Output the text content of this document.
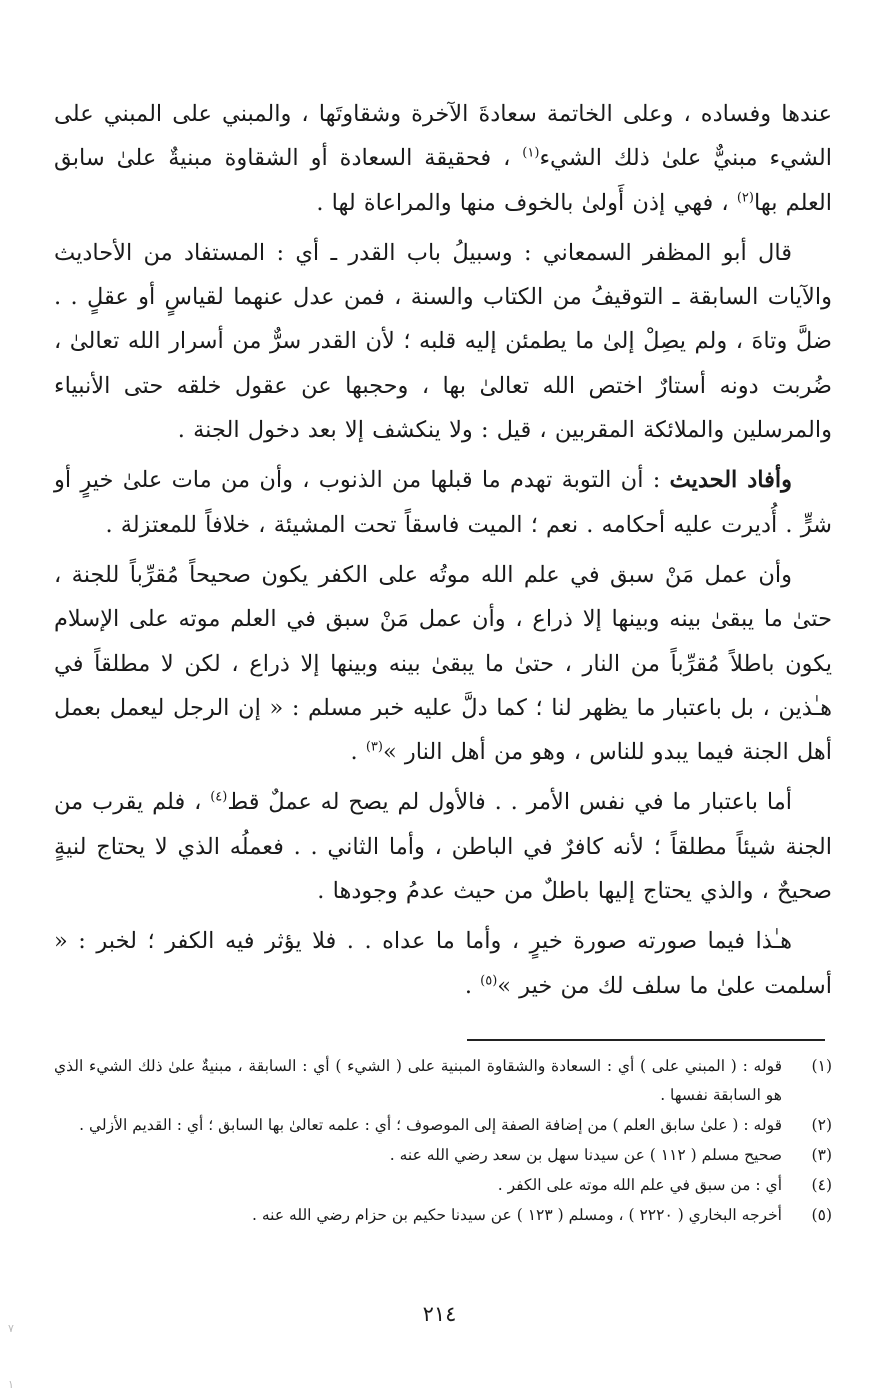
عندها وفساده ، وعلى الخاتمة سعادةَ الآخرة وشقاوتَها ، والمبني على المبني على الشيء مبنيٌّ علىٰ ذلك الشيء$^{(١)}$ ، فحقيقة السعادة أو الشقاوة مبنيةٌ علىٰ سابق العلم بها$^{(٢)}$ ، فهي إذن أَولىٰ بالخوف منها والمراعاة لها .

قال أبو المظفر السمعاني : وسبيلُ باب القدر ـ أي : المستفاد من الأحاديث والآيات السابقة ـ التوقيفُ من الكتاب والسنة ، فمن عدل عنهما لقياسٍ أو عقلٍ . . ضلَّ وتاهَ ، ولم يصِلْ إلىٰ ما يطمئن إليه قلبه ؛ لأن القدر سرٌّ من أسرار الله تعالىٰ ، ضُربت دونه أستارٌ اختص الله تعالىٰ بها ، وحجبها عن عقول خلقه حتى الأنبياء والمرسلين والملائكة المقربين ، قيل : ولا ينكشف إلا بعد دخول الجنة .

وأفاد الحديث : أن التوبة تهدم ما قبلها من الذنوب ، وأن من مات علىٰ خيرٍ أو شرٍّ . أُديرت عليه أحكامه . نعم ؛ الميت فاسقاً تحت المشيئة ، خلافاً للمعتزلة .

وأن عمل مَنْ سبق في علم الله موتُه على الكفر يكون صحيحاً مُقرِّباً للجنة ، حتىٰ ما يبقىٰ بينه وبينها إلا ذراع ، وأن عمل مَنْ سبق في العلم موته على الإسلام يكون باطلاً مُقرِّباً من النار ، حتىٰ ما يبقىٰ بينه وبينها إلا ذراع ، لكن لا مطلقاً في هـٰذين ، بل باعتبار ما يظهر لنا ؛ كما دلَّ عليه خبر مسلم : « إن الرجل ليعمل بعمل أهل الجنة فيما يبدو للناس ، وهو من أهل النار »$^{(٣)}$ .

أما باعتبار ما في نفس الأمر . . فالأول لم يصح له عملٌ قط$^{(٤)}$ ، فلم يقرب من الجنة شيئاً مطلقاً ؛ لأنه كافرٌ في الباطن ، وأما الثاني . . فعملُه الذي لا يحتاج لنيةٍ صحيحٌ ، والذي يحتاج إليها باطلٌ من حيث عدمُ وجودها .

هـٰذا فيما صورته صورة خيرٍ ، وأما ما عداه . . فلا يؤثر فيه الكفر ؛ لخبر : « أسلمت علىٰ ما سلف لك من خير »$^{(٥)}$ .

(١)
قوله : ( المبني على ) أي : السعادة والشقاوة المبنية على ( الشيء ) أي : السابقة ، مبنيةٌ علىٰ ذلك الشيء الذي هو السابقة نفسها .
(٢)
قوله : ( علىٰ سابق العلم ) من إضافة الصفة إلى الموصوف ؛ أي : علمه تعالىٰ بها السابق ؛ أي : القديم الأزلي .
(٣)
صحيح مسلم ( ١١٢ ) عن سيدنا سهل بن سعد رضي الله عنه .
(٤)
أي : من سبق في علم الله موته على الكفر .
(٥)
أخرجه البخاري ( ٢٢٢٠ ) ، ومسلم ( ١٢٣ ) عن سيدنا حكيم بن حزام رضي الله عنه .
٢١٤
٧
١
